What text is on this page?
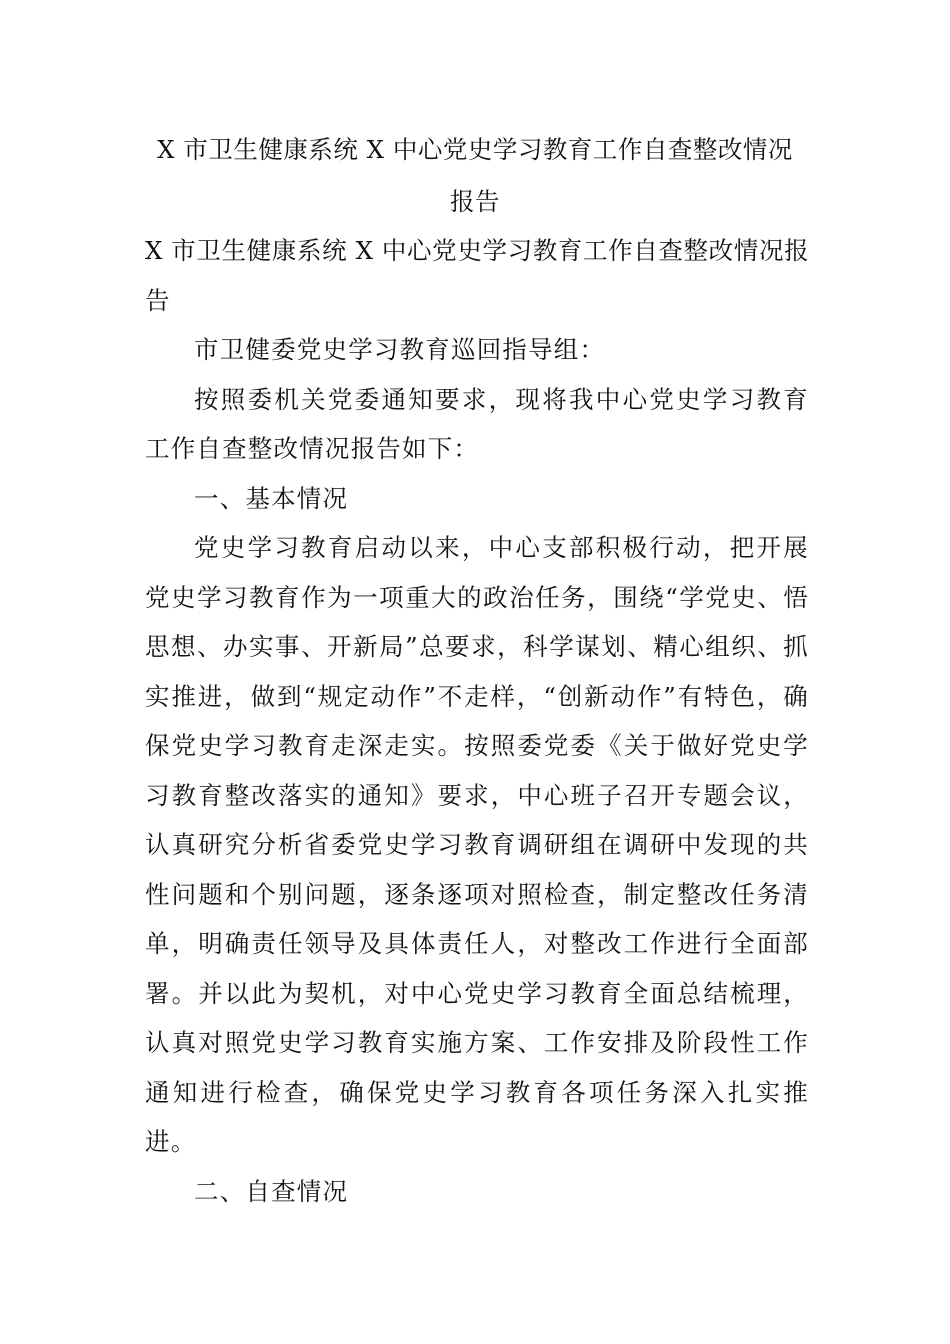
X 市卫生健康系统 X 中心党史学习教育工作自查整改情况
报告

X 市卫生健康系统 X 中心党史学习教育工作自查整改情况报告

市卫健委党史学习教育巡回指导组：

按照委机关党委通知要求，现将我中心党史学习教育工作自查整改情况报告如下：

一、基本情况

党史学习教育启动以来，中心支部积极行动，把开展党史学习教育作为一项重大的政治任务，围绕“学党史、悟思想、办实事、开新局”总要求，科学谋划、精心组织、抓实推进，做到“规定动作”不走样，“创新动作”有特色，确保党史学习教育走深走实。按照委党委《关于做好党史学习教育整改落实的通知》要求，中心班子召开专题会议，认真研究分析省委党史学习教育调研组在调研中发现的共性问题和个别问题，逐条逐项对照检查，制定整改任务清单，明确责任领导及具体责任人，对整改工作进行全面部署。并以此为契机，对中心党史学习教育全面总结梳理，认真对照党史学习教育实施方案、工作安排及阶段性工作通知进行检查，确保党史学习教育各项任务深入扎实推进。

二、自查情况
